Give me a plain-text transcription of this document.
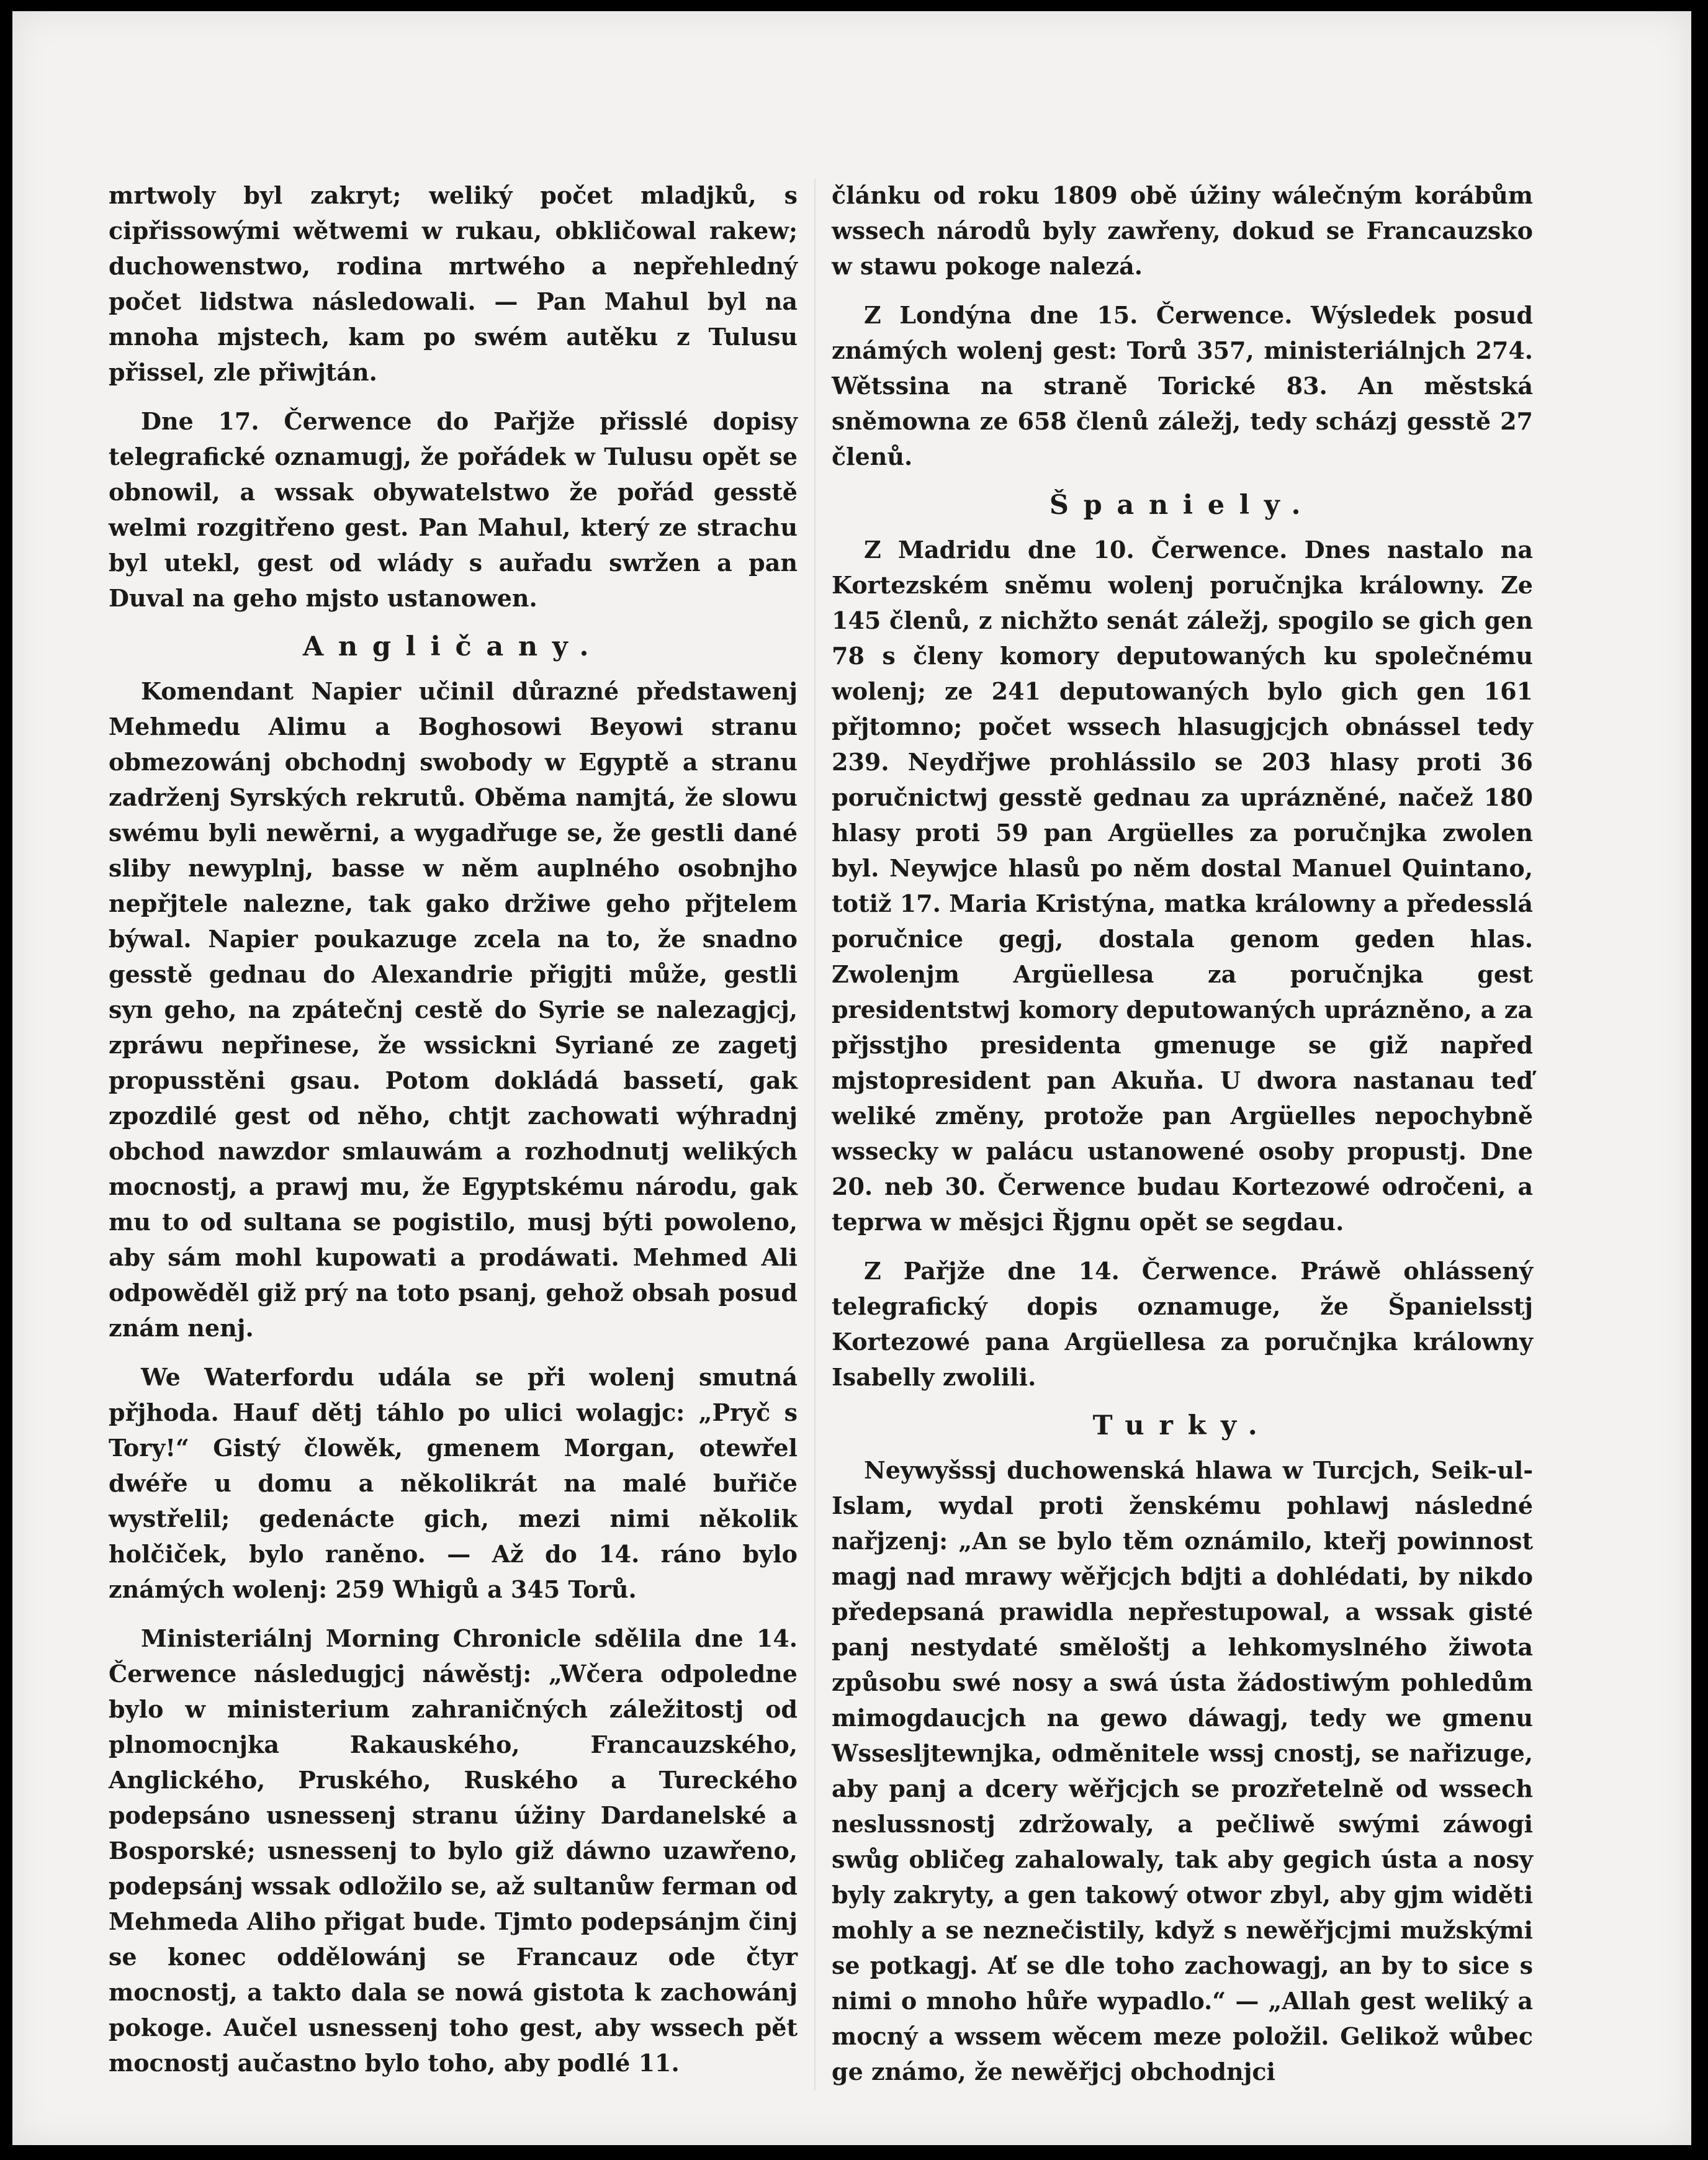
mrtwoly byl zakryt; weliký počet mladjků, s cipřissowými wětwemi w rukau, obkličowal rakew; duchowenstwo, rodina mrtwého a nepřehledný počet lidstwa následowali. — Pan Mahul byl na mnoha mjstech, kam po swém autěku z Tulusu přissel, zle přiwjtán.

Dne 17. Čerwence do Pařjže přisslé dopisy telegrafické oznamugj, že pořádek w Tulusu opět se obnowil, a wssak obywatelstwo že pořád gesstě welmi rozgitřeno gest. Pan Mahul, který ze strachu byl utekl, gest od wlády s auřadu swržen a pan Duval na geho mjsto ustanowen.

Angličany.

Komendant Napier učinil důrazné předstawenj Mehmedu Alimu a Boghosowi Beyowi stranu obmezowánj obchodnj swobody w Egyptě a stranu zadrženj Syrských rekrutů. Oběma namjtá, že slowu swému byli newěrni, a wygadřuge se, že gestli dané sliby newyplnj, basse w něm auplného osobnjho nepřjtele nalezne, tak gako držiwe geho přjtelem býwal. Napier poukazuge zcela na to, že snadno gesstě gednau do Alexandrie přigjti může, gestli syn geho, na zpátečnj cestě do Syrie se nalezagjcj, zpráwu nepřinese, že wssickni Syriané ze zagetj propusstěni gsau. Potom dokládá bassetí, gak zpozdilé gest od něho, chtjt zachowati wýhradnj obchod nawzdor smlauwám a rozhodnutj welikých mocnostj, a prawj mu, že Egyptskému národu, gak mu to od sultana se pogistilo, musj býti powoleno, aby sám mohl kupowati a prodáwati. Mehmed Ali odpowěděl giž prý na toto psanj, gehož obsah posud znám nenj.

We Waterfordu udála se při wolenj smutná přjhoda. Hauf dětj táhlo po ulici wolagjc: „Pryč s Tory!“ Gistý člowěk, gmenem Morgan, otewřel dwéře u domu a několikrát na malé buřiče wystřelil; gedenácte gich, mezi nimi několik holčiček, bylo raněno. — Až do 14. ráno bylo známých wolenj: 259 Whigů a 345 Torů.

Ministeriálnj Morning Chronicle sdělila dne 14. Čerwence následugjcj náwěstj: „Wčera odpoledne bylo w ministerium zahraničných záležitostj od plnomocnjka Rakauského, Francauzského, Anglického, Pruského, Ruského a Tureckého podepsáno usnessenj stranu úžiny Dardanelské a Bosporské; usnessenj to bylo giž dáwno uzawřeno, podepsánj wssak odložilo se, až sultanůw ferman od Mehmeda Aliho přigat bude. Tjmto podepsánjm činj se konec oddělowánj se Francauz ode čtyr mocnostj, a takto dala se nowá gistota k zachowánj pokoge. Aučel usnessenj toho gest, aby wssech pět mocnostj aučastno bylo toho, aby podlé 11.

článku od roku 1809 obě úžiny wálečným korábům wssech národů byly zawřeny, dokud se Francauzsko w stawu pokoge nalezá.

Z Londýna dne 15. Čerwence. Wýsledek posud známých wolenj gest: Torů 357, ministeriálnjch 274. Wětssina na straně Torické 83. An městská sněmowna ze 658 členů záležj, tedy scházj gesstě 27 členů.

Španiely.

Z Madridu dne 10. Čerwence. Dnes nastalo na Kortezském sněmu wolenj poručnjka králowny. Ze 145 členů, z nichžto senát záležj, spogilo se gich gen 78 s členy komory deputowaných ku společnému wolenj; ze 241 deputowaných bylo gich gen 161 přjtomno; počet wssech hlasugjcjch obnássel tedy 239. Neydřjwe prohlássilo se 203 hlasy proti 36 poručnictwj gesstě gednau za uprázněné, načež 180 hlasy proti 59 pan Argüelles za poručnjka zwolen byl. Neywjce hlasů po něm dostal Manuel Quintano, totiž 17. Maria Kristýna, matka králowny a předesslá poručnice gegj, dostala genom geden hlas. Zwolenjm Argüellesa za poručnjka gest presidentstwj komory deputowaných uprázněno, a za přjsstjho presidenta gmenuge se giž napřed mjstopresident pan Akuňa. U dwora nastanau teď weliké změny, protože pan Argüelles nepochybně wssecky w palácu ustanowené osoby propustj. Dne 20. neb 30. Čerwence budau Kortezowé odročeni, a teprwa w měsjci Řjgnu opět se segdau.

Z Pařjže dne 14. Čerwence. Práwě ohlássený telegrafický dopis oznamuge, že Španielsstj Kortezowé pana Argüellesa za poručnjka králowny Isabelly zwolili.

Turky.

Neywyšssj duchowenská hlawa w Turcjch, Seik-ul-Islam, wydal proti ženskému pohlawj následné nařjzenj: „An se bylo těm oznámilo, kteřj powinnost magj nad mrawy wěřjcjch bdjti a dohlédati, by nikdo předepsaná prawidla nepřestupowal, a wssak gisté panj nestydaté směloštj a lehkomyslného žiwota způsobu swé nosy a swá ústa žádostiwým pohledům mimogdaucjch na gewo dáwagj, tedy we gmenu Wssesljtewnjka, odměnitele wssj cnostj, se nařizuge, aby panj a dcery wěřjcjch se prozřetelně od wssech neslussnostj zdržowaly, a pečliwě swými záwogi swůg obličeg zahalowaly, tak aby gegich ústa a nosy byly zakryty, a gen takowý otwor zbyl, aby gjm widěti mohly a se neznečistily, když s newěřjcjmi mužskými se potkagj. Ať se dle toho zachowagj, an by to sice s nimi o mnoho hůře wypadlo.“ — „Allah gest weliký a mocný a wssem wěcem meze položil. Gelikož wůbec ge známo, že newěřjcj obchodnjci
